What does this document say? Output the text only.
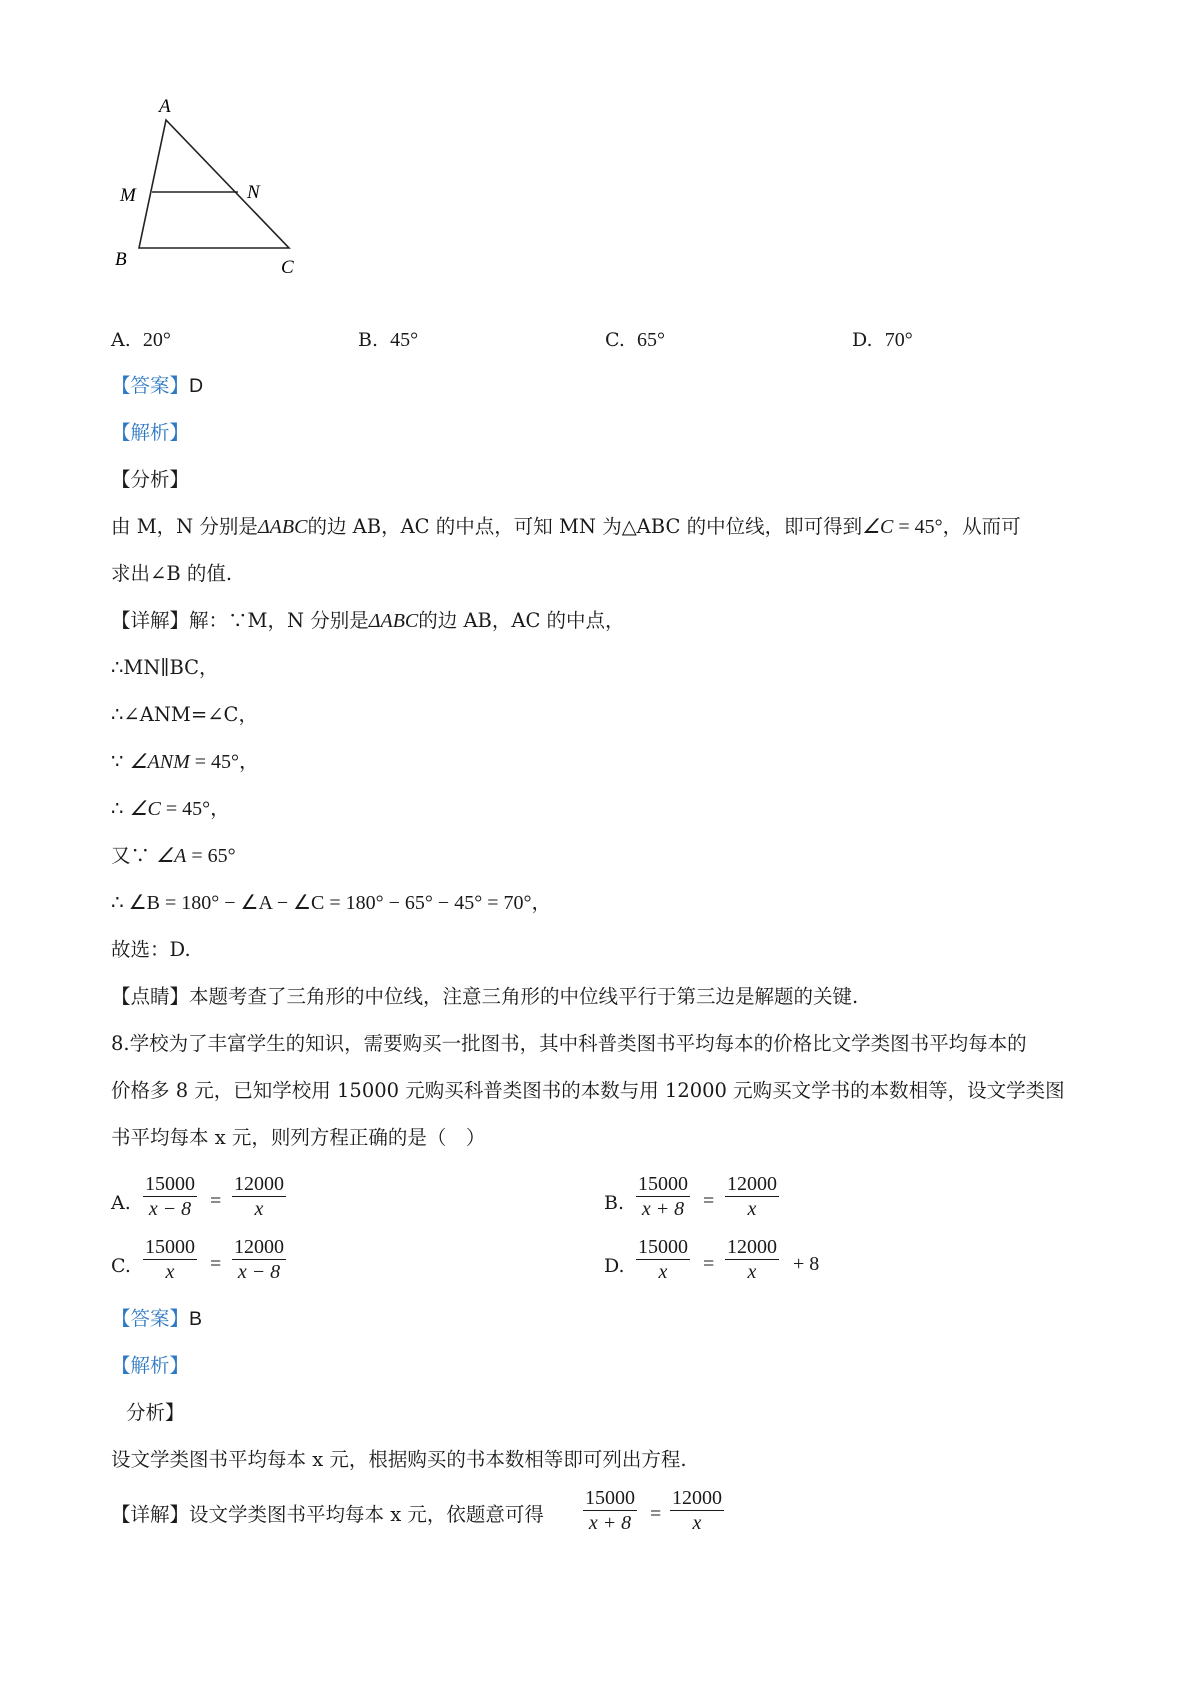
A
M	N
B	C
A. 20°	B. 45°	C. 65°	D. 70°
【答案】D
【解析】
【分析】
由 M，N 分别是ΔABC的边 AB，AC 的中点，可知 MN 为△ABC 的中位线，即可得到∠C = 45°，从而可
求出∠B 的值.
【详解】解：∵M，N 分别是ΔABC的边 AB，AC 的中点，
∴MN∥BC，
∴∠ANM=∠C，
∵ ∠ANM = 45°，
∴ ∠C = 45°，
又∵ ∠A = 65°
∴ ∠B = 180° − ∠A − ∠C = 180° − 65° − 45° = 70°，
故选：D.
【点睛】本题考查了三角形的中位线，注意三角形的中位线平行于第三边是解题的关键.
8.学校为了丰富学生的知识，需要购买一批图书，其中科普类图书平均每本的价格比文学类图书平均每本的
价格多 8 元，已知学校用 15000 元购买科普类图书的本数与用 12000 元购买文学书的本数相等，设文学类图
书平均每本 x 元，则列方程正确的是（　）
A. $\frac{15000}{x - 8} = \frac{12000}{x}$	B. $\frac{15000}{x + 8} = \frac{12000}{x}$
C. $\frac{15000}{x} = \frac{12000}{x - 8}$	D. $\frac{15000}{x} = \frac{12000}{x} + 8$
【答案】B
【解析】
分析】
设文学类图书平均每本 x 元，根据购买的书本数相等即可列出方程.
【详解】设文学类图书平均每本 x 元，依题意可得 $\frac{15000}{x + 8} = \frac{12000}{x}$
